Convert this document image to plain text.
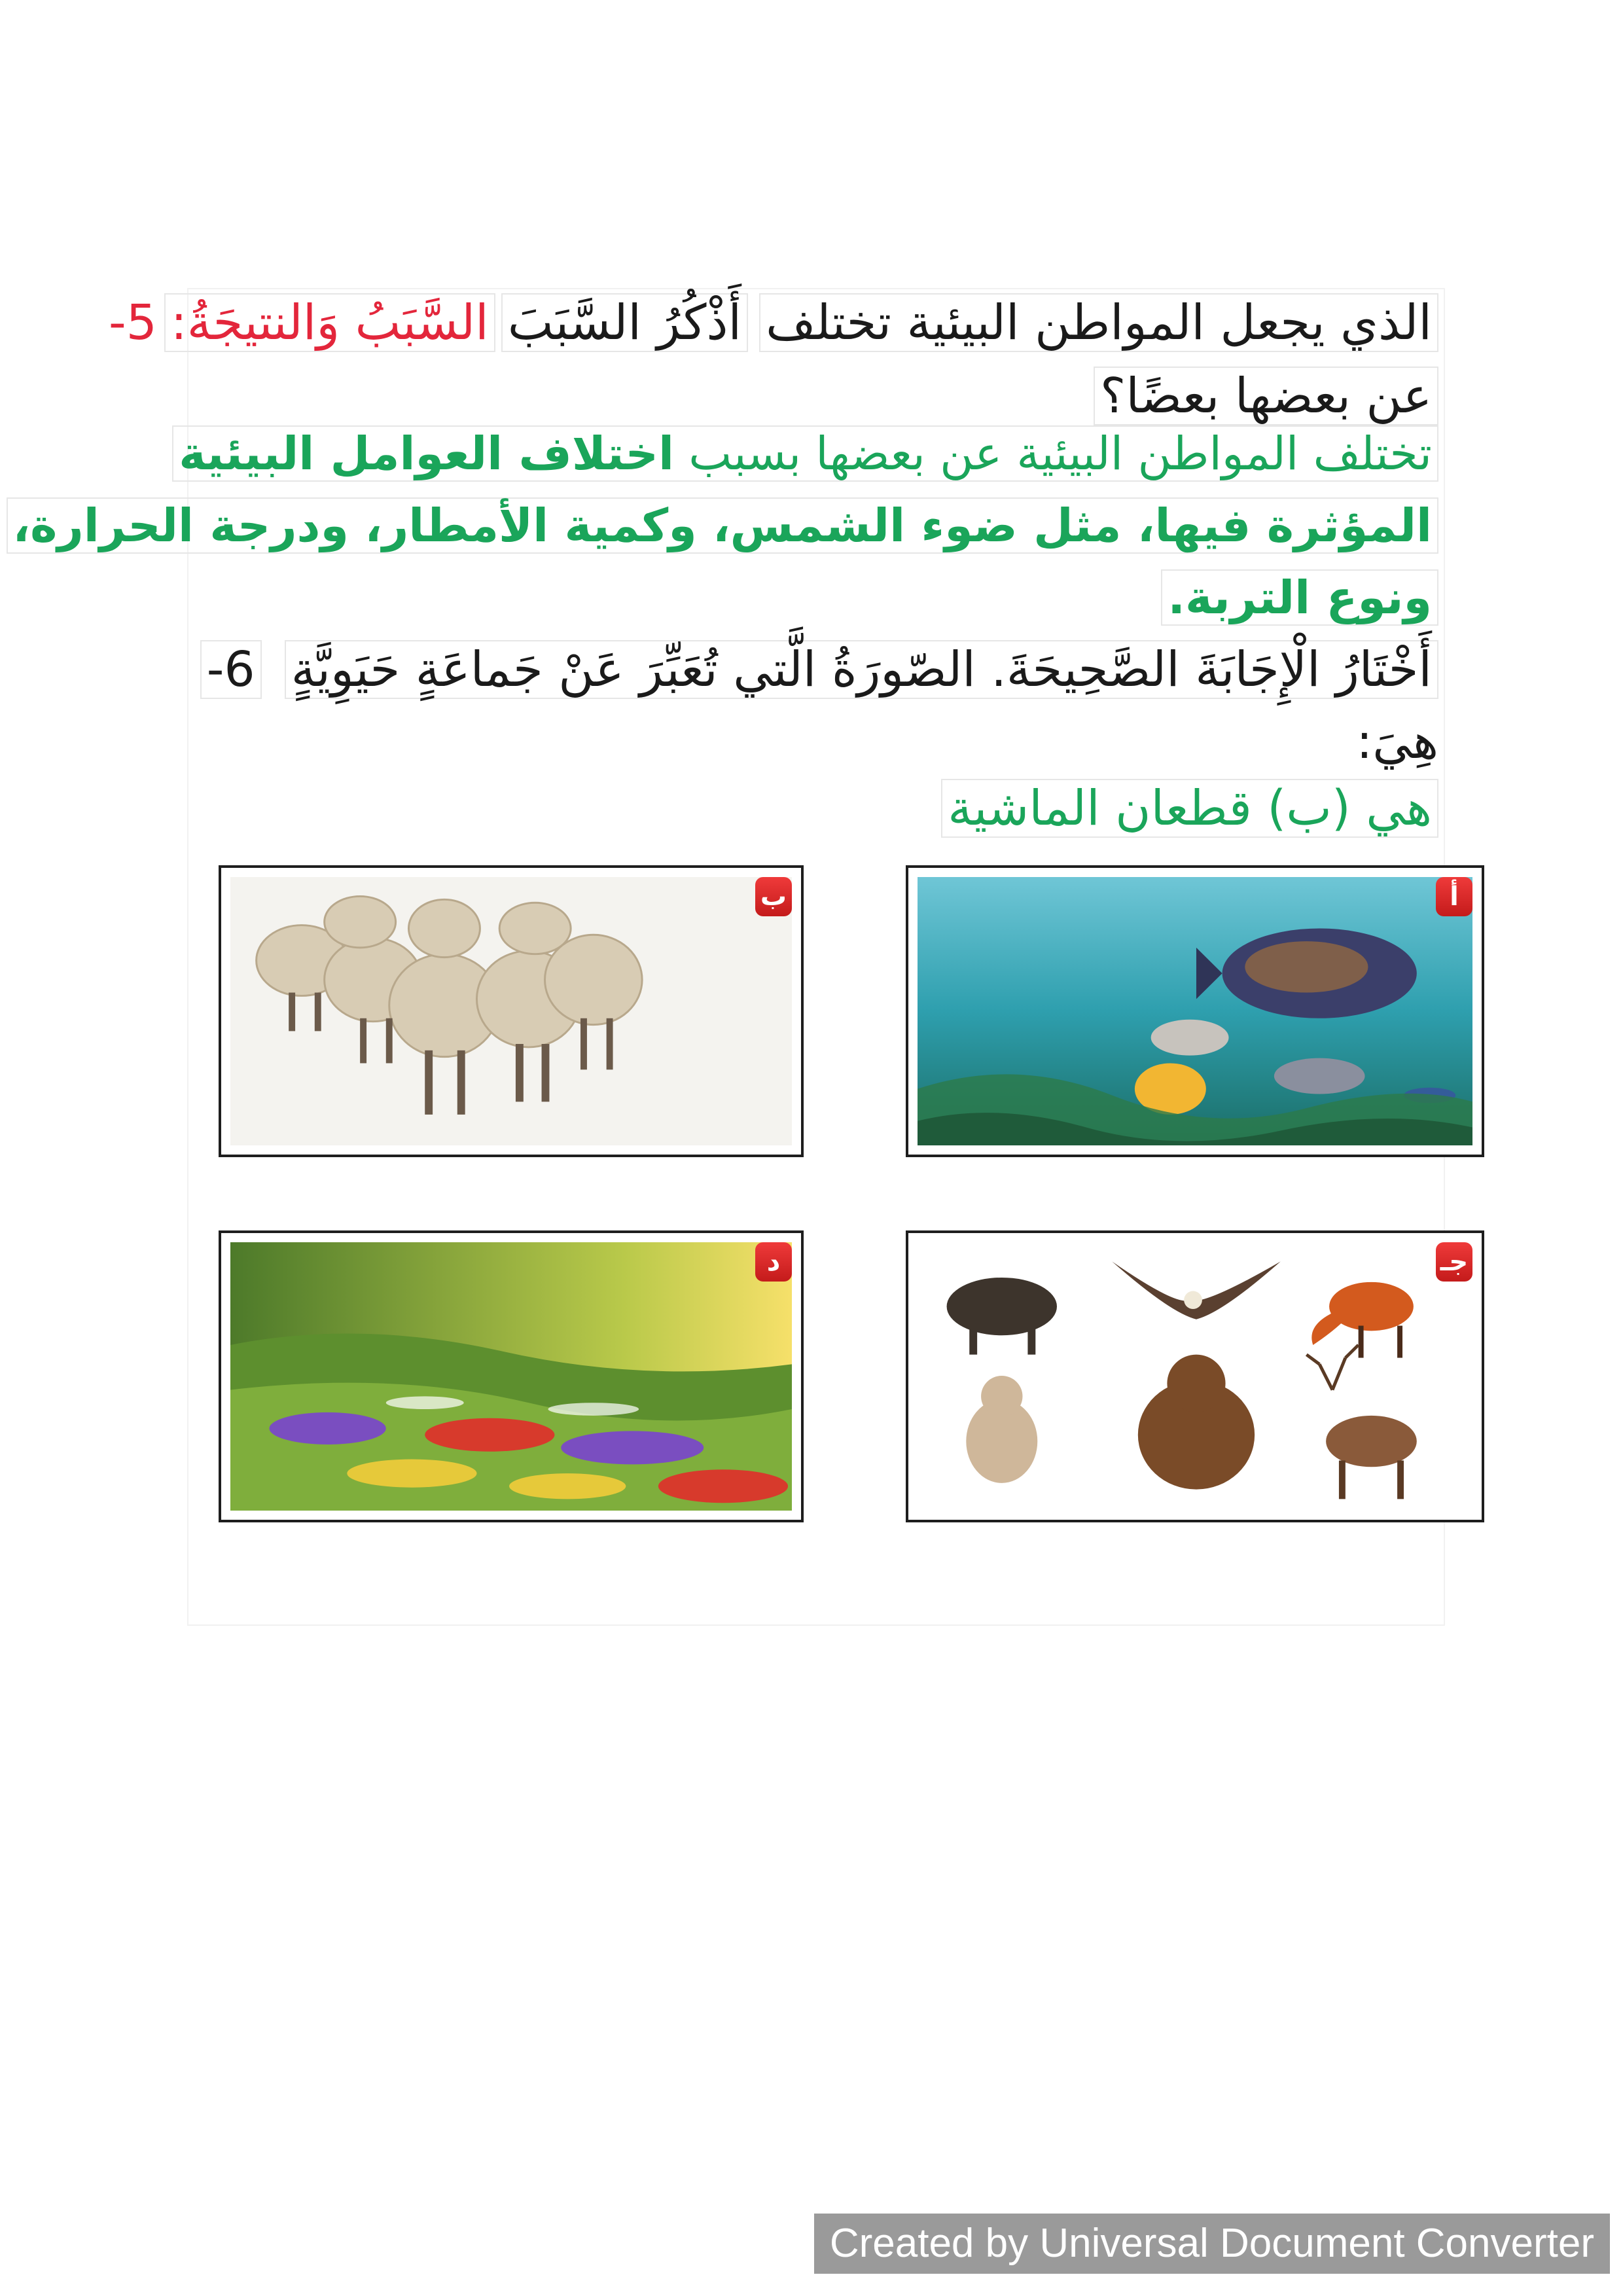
الذي يجعل المواطن البيئية تختلف أَذْكُرُ السَّبَبَ السَّبَبُ وَالنتيجَةُ: 5-
عن بعضها بعضًا؟
تختلف المواطن البيئية عن بعضها بسبب اختلاف العوامل البيئية
المؤثرة فيها، مثل ضوء الشمس، وكمية الأمطار، ودرجة الحرارة،
ونوع التربة.
أَخْتَارُ الْإِجَابَةَ الصَّحِيحَةَ. الصّورَةُ الَّتي تُعَبِّرَ عَنْ جَماعَةٍ حَيَوِيَّةٍ 6-
هِيَ:
هي (ب) قطعان الماشية
أ
ب
جـ
د
Created by Universal Document Converter
